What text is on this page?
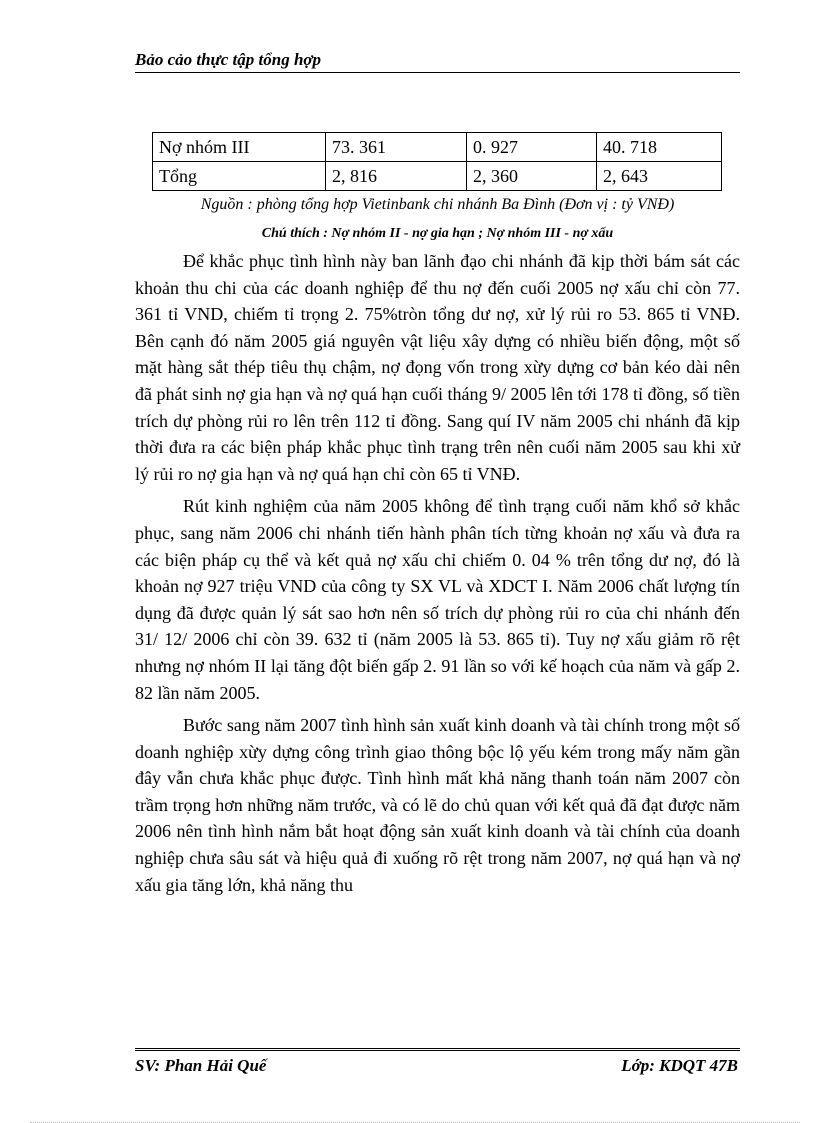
Bảo cảo thực tập tổng hợp
Nợ nhóm III	73. 361	0. 927	40. 718
Tổng	2, 816	2, 360	2, 643
Nguồn : phòng tổng hợp Vietinbank chi nhánh Ba Đình (Đơn vị : tỷ VNĐ)
Chú thích : Nợ nhóm II - nợ gia hạn ; Nợ nhóm III - nợ xấu

Để khắc phục tình hình này ban lãnh đạo chi nhánh đã kịp thời bám sát các khoản thu chi của các doanh nghiệp để thu nợ đến cuối 2005 nợ xấu chỉ còn 77. 361 tỉ VND, chiếm tỉ trọng 2. 75%tròn tổng dư nợ, xử lý rủi ro 53. 865 tỉ VNĐ. Bên cạnh đó năm 2005 giá nguyên vật liệu xây dựng có nhiều biến động, một số mặt hàng sắt thép tiêu thụ chậm, nợ đọng vốn trong xừy dựng cơ bản kéo dài nên đã phát sinh nợ gia hạn và nợ quá hạn cuối tháng 9/ 2005 lên tới 178 tỉ đồng, số tiền trích dự phòng rủi ro lên trên 112 tỉ đồng. Sang quí IV năm 2005 chi nhánh đã kịp thời đưa ra các biện pháp khắc phục tình trạng trên nên cuối năm 2005 sau khi xử lý rủi ro nợ gia hạn và nợ quá hạn chỉ còn 65 tỉ VNĐ.

Rút kinh nghiệm của năm 2005 không để tình trạng cuối năm khổ sở khắc phục, sang năm 2006 chi nhánh tiến hành phân tích từng khoản nợ xấu và đưa ra các biện pháp cụ thể và kết quả nợ xấu chỉ chiếm 0. 04 % trên tổng dư nợ, đó là khoản nợ 927 triệu VND của công ty SX VL và XDCT I. Năm 2006 chất lượng tín dụng đã được quản lý sát sao hơn nên số trích dự phòng rủi ro của chi nhánh đến 31/ 12/ 2006 chỉ còn 39. 632 tỉ (năm 2005 là 53. 865 tỉ). Tuy nợ xấu giảm rõ rệt nhưng nợ nhóm II lại tăng đột biến gấp 2. 91 lần so với kế hoạch của năm và gấp 2. 82 lần năm 2005.

Bước sang năm 2007 tình hình sản xuất kinh doanh và tài chính trong một số doanh nghiệp xừy dựng công trình giao thông bộc lộ yếu kém trong mấy năm gần đây vẫn chưa khắc phục được. Tình hình mất khả năng thanh toán năm 2007 còn trầm trọng hơn những năm trước, và có lẽ do chủ quan với kết quả đã đạt được năm 2006 nên tình hình nắm bắt hoạt động sản xuất kinh doanh và tài chính của doanh nghiệp chưa sâu sát và hiệu quả đi xuống rõ rệt trong năm 2007, nợ quá hạn và nợ xấu gia tăng lớn, khả năng thu

SV: Phan Hải Quế	Lớp: KDQT 47B
